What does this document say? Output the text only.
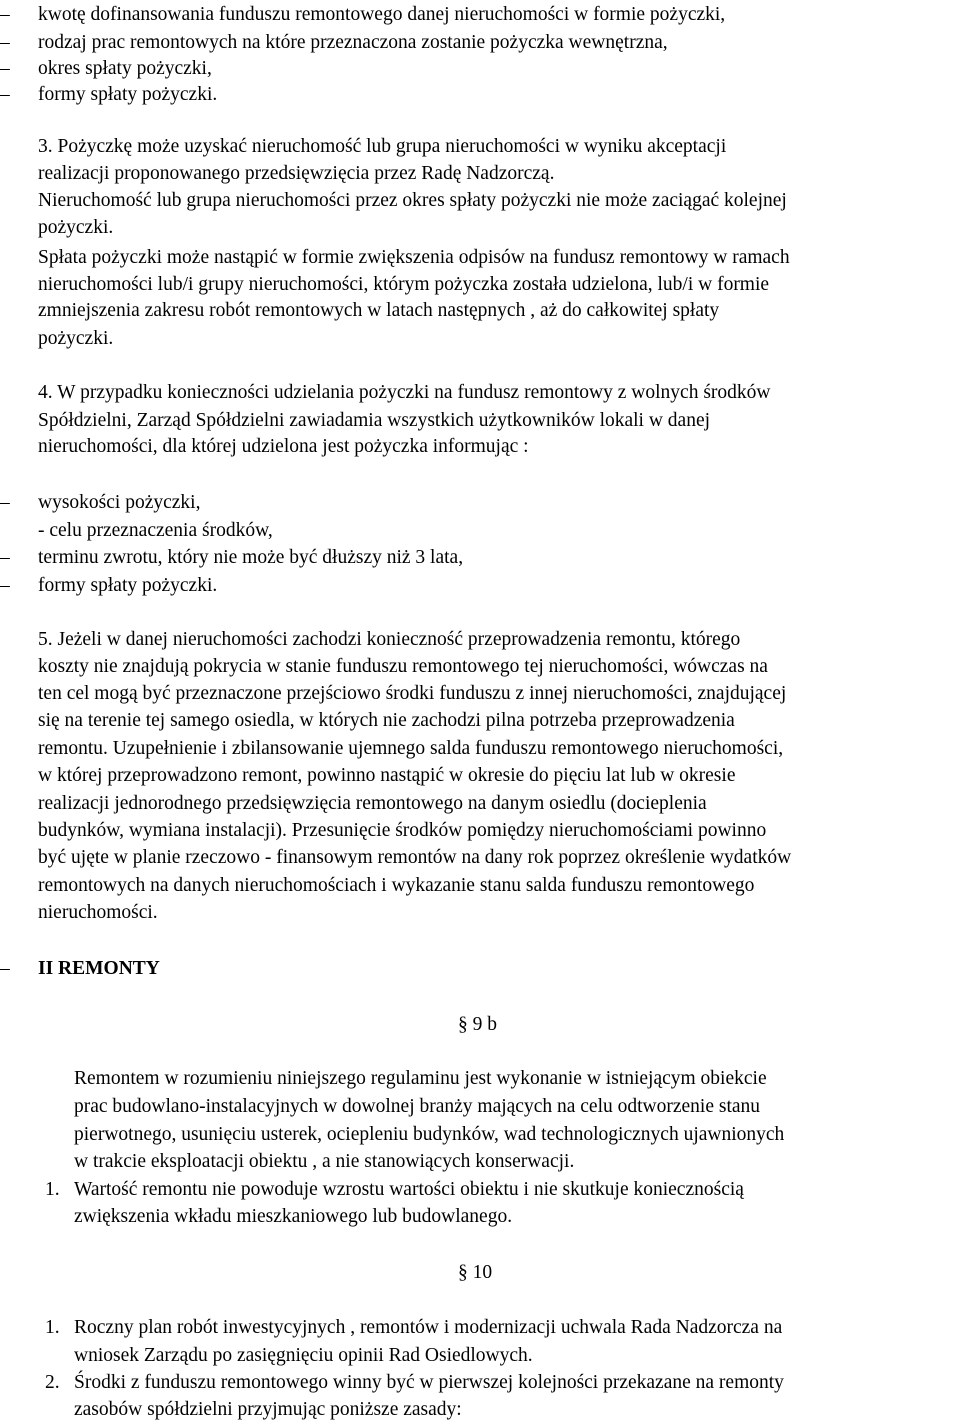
– kwotę dofinansowania funduszu remontowego danej nieruchomości w formie pożyczki,
– rodzaj prac remontowych na które przeznaczona zostanie pożyczka wewnętrzna,
– okres spłaty pożyczki,
– formy spłaty pożyczki.
3. Pożyczkę może uzyskać nieruchomość lub grupa nieruchomości w wyniku akceptacji
realizacji proponowanego przedsięwzięcia przez Radę Nadzorczą.
Nieruchomość lub grupa nieruchomości przez okres spłaty pożyczki nie może zaciągać kolejnej
pożyczki.
Spłata pożyczki może nastąpić w formie zwiększenia odpisów na fundusz remontowy w ramach
nieruchomości lub/i grupy nieruchomości, którym pożyczka została udzielona, lub/i w formie
zmniejszenia zakresu robót remontowych w latach następnych , aż do całkowitej spłaty
pożyczki.
4. W przypadku konieczności udzielania pożyczki na fundusz remontowy z wolnych środków
Spółdzielni, Zarząd Spółdzielni zawiadamia wszystkich użytkowników lokali w danej
nieruchomości, dla której udzielona jest pożyczka informując :
– wysokości pożyczki,
- celu przeznaczenia środków,
– terminu zwrotu, który nie może być dłuższy niż 3 lata,
– formy spłaty pożyczki.
5. Jeżeli w danej nieruchomości zachodzi konieczność przeprowadzenia remontu, którego
koszty nie znajdują pokrycia w stanie funduszu remontowego tej nieruchomości, wówczas na
ten cel mogą być przeznaczone przejściowo środki funduszu z innej nieruchomości, znajdującej
się na terenie tej samego osiedla, w których nie zachodzi pilna potrzeba przeprowadzenia
remontu. Uzupełnienie i zbilansowanie ujemnego salda funduszu remontowego nieruchomości,
w której przeprowadzono remont, powinno nastąpić w okresie do pięciu lat lub w okresie
realizacji jednorodnego przedsięwzięcia remontowego na danym osiedlu (docieplenia
budynków, wymiana instalacji). Przesunięcie środków pomiędzy nieruchomościami powinno
być ujęte w planie rzeczowo - finansowym remontów na dany rok poprzez określenie wydatków
remontowych na danych nieruchomościach i wykazanie stanu salda funduszu remontowego
nieruchomości.
– II REMONTY
§ 9 b
Remontem w rozumieniu niniejszego regulaminu jest wykonanie w istniejącym obiekcie
prac budowlano-instalacyjnych w dowolnej branży mających na celu odtworzenie stanu
pierwotnego, usunięciu usterek, ociepleniu budynków, wad technologicznych ujawnionych
w trakcie eksploatacji obiektu , a nie stanowiących konserwacji.
1. Wartość remontu nie powoduje wzrostu wartości obiektu i nie skutkuje koniecznością
zwiększenia wkładu mieszkaniowego lub budowlanego.
§ 10
1. Roczny plan robót inwestycyjnych , remontów i modernizacji uchwala Rada Nadzorcza na
wniosek Zarządu po zasięgnięciu opinii Rad Osiedlowych.
2. Środki z funduszu remontowego winny być w pierwszej kolejności przekazane na remonty
zasobów spółdzielni przyjmując poniższe zasady:
